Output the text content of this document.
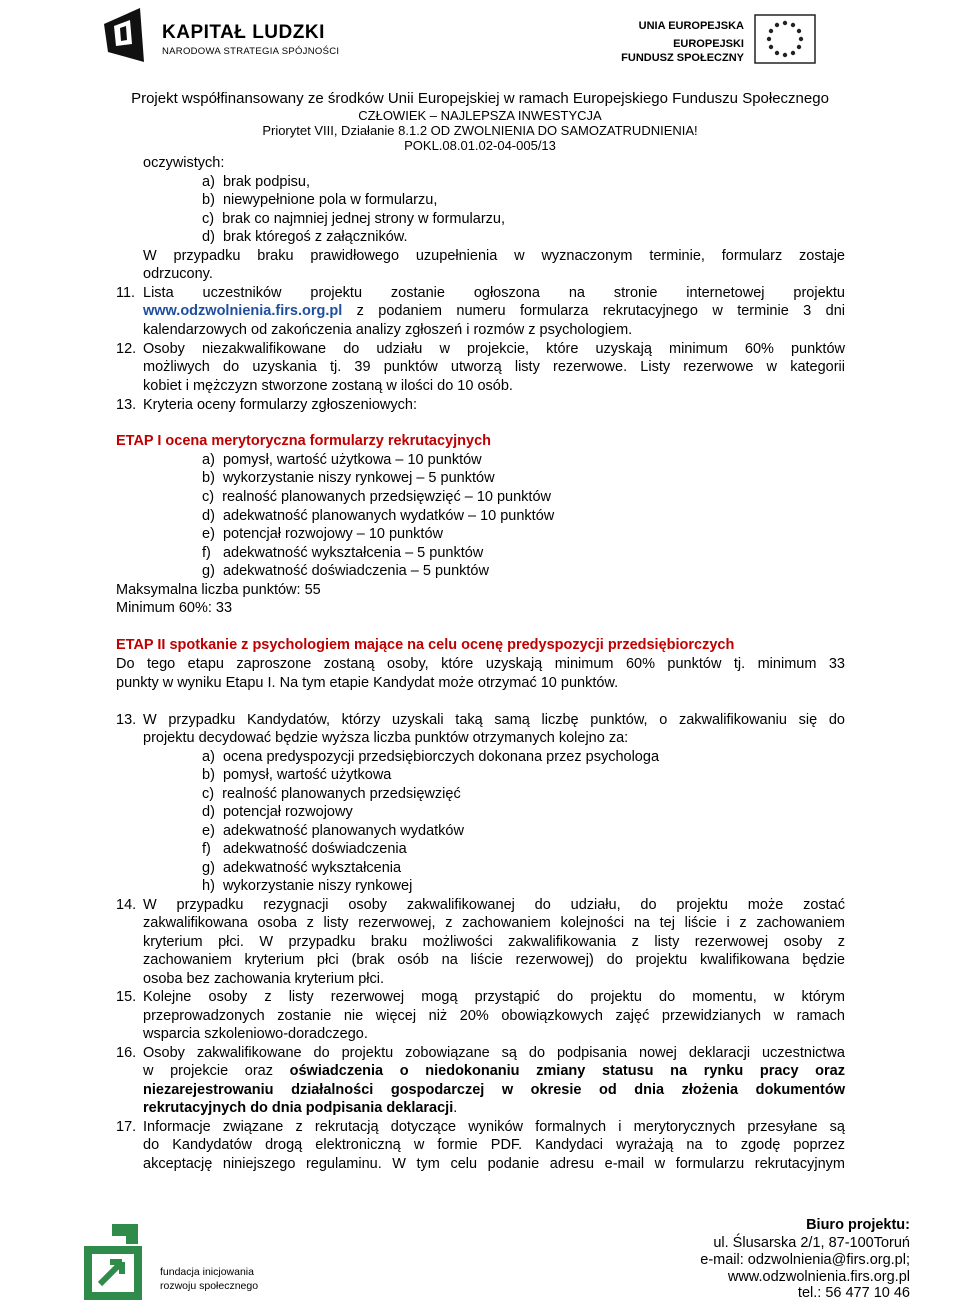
KAPITAŁ LUDZKI
NARODOWA STRATEGIA SPÓJNOŚCI
UNIA EUROPEJSKA
EUROPEJSKI
FUNDUSZ SPOŁECZNY
Projekt współfinansowany ze środków Unii Europejskiej w ramach Europejskiego Funduszu Społecznego
CZŁOWIEK – NAJLEPSZA INWESTYCJA
Priorytet VIII, Działanie 8.1.2 OD ZWOLNIENIA DO SAMOZATRUDNIENIA!
POKL.08.01.02-04-005/13
oczywistych:
a)  brak podpisu,
b)  niewypełnione pola w formularzu,
c)  brak co najmniej jednej strony w formularzu,
d)  brak któregoś z załączników.
W przypadku braku prawidłowego uzupełnienia w wyznaczonym terminie, formularz zostaje
odrzucony.
11. Lista uczestników projektu zostanie ogłoszona na stronie internetowej projektu
www.odzwolnienia.firs.org.pl z podaniem numeru formularza rekrutacyjnego w terminie 3 dni
kalendarzowych od zakończenia analizy zgłoszeń i rozmów z psychologiem.
12. Osoby niezakwalifikowane do udziału w projekcie, które uzyskają minimum 60% punktów
możliwych do uzyskania tj. 39 punktów utworzą listy rezerwowe. Listy rezerwowe w kategorii
kobiet i mężczyzn stworzone zostaną w ilości do 10 osób.
13. Kryteria oceny formularzy zgłoszeniowych:
ETAP I ocena merytoryczna formularzy rekrutacyjnych
a)  pomysł, wartość użytkowa – 10 punktów
b)  wykorzystanie niszy rynkowej – 5 punktów
c)  realność planowanych przedsięwzięć – 10 punktów
d)  adekwatność planowanych wydatków – 10 punktów
e)  potencjał rozwojowy – 10 punktów
f)   adekwatność wykształcenia – 5 punktów
g)  adekwatność doświadczenia – 5 punktów
Maksymalna liczba punktów: 55
Minimum 60%: 33
ETAP II spotkanie z psychologiem mające na celu ocenę predyspozycji przedsiębiorczych
Do tego etapu zaproszone zostaną osoby, które uzyskają minimum 60% punktów tj. minimum 33
punkty w wyniku Etapu I. Na tym etapie Kandydat może otrzymać 10 punktów.
13. W przypadku Kandydatów, którzy uzyskali taką samą liczbę punktów, o zakwalifikowaniu się do
projektu decydować będzie wyższa liczba punktów otrzymanych kolejno za:
a)  ocena predyspozycji przedsiębiorczych dokonana przez psychologa
b)  pomysł, wartość użytkowa
c)  realność planowanych przedsięwzięć
d)  potencjał rozwojowy
e)  adekwatność planowanych wydatków
f)   adekwatność doświadczenia
g)  adekwatność wykształcenia
h)  wykorzystanie niszy rynkowej
14. W przypadku rezygnacji osoby zakwalifikowanej do udziału, do projektu może zostać
zakwalifikowana osoba z listy rezerwowej, z zachowaniem kolejności na tej liście i z zachowaniem
kryterium płci. W przypadku braku możliwości zakwalifikowania z listy rezerwowej osoby z
zachowaniem kryterium płci (brak osób na liście rezerwowej) do projektu kwalifikowana będzie
osoba bez zachowania kryterium płci.
15. Kolejne osoby z listy rezerwowej mogą przystąpić do projektu do momentu, w którym
przeprowadzonych zostanie nie więcej niż 20% obowiązkowych zajęć przewidzianych w ramach
wsparcia szkoleniowo-doradczego.
16. Osoby zakwalifikowane do projektu zobowiązane są do podpisania nowej deklaracji uczestnictwa
w projekcie oraz oświadczenia o niedokonaniu zmiany statusu na rynku pracy oraz
niezarejestrowaniu działalności gospodarczej w okresie od dnia złożenia dokumentów
rekrutacyjnych do dnia podpisania deklaracji.
17. Informacje związane z rekrutacją dotyczące wyników formalnych i merytorycznych przesyłane są
do Kandydatów drogą elektroniczną w formie PDF. Kandydaci wyrażają na to zgodę poprzez
akceptację niniejszego regulaminu. W tym celu podanie adresu e-mail w formularzu rekrutacyjnym
fundacja inicjowania
rozwoju społecznego
Biuro projektu:
ul. Ślusarska 2/1, 87-100Toruń
e-mail: odzwolnienia@firs.org.pl;
www.odzwolnienia.firs.org.pl
tel.: 56 477 10 46
